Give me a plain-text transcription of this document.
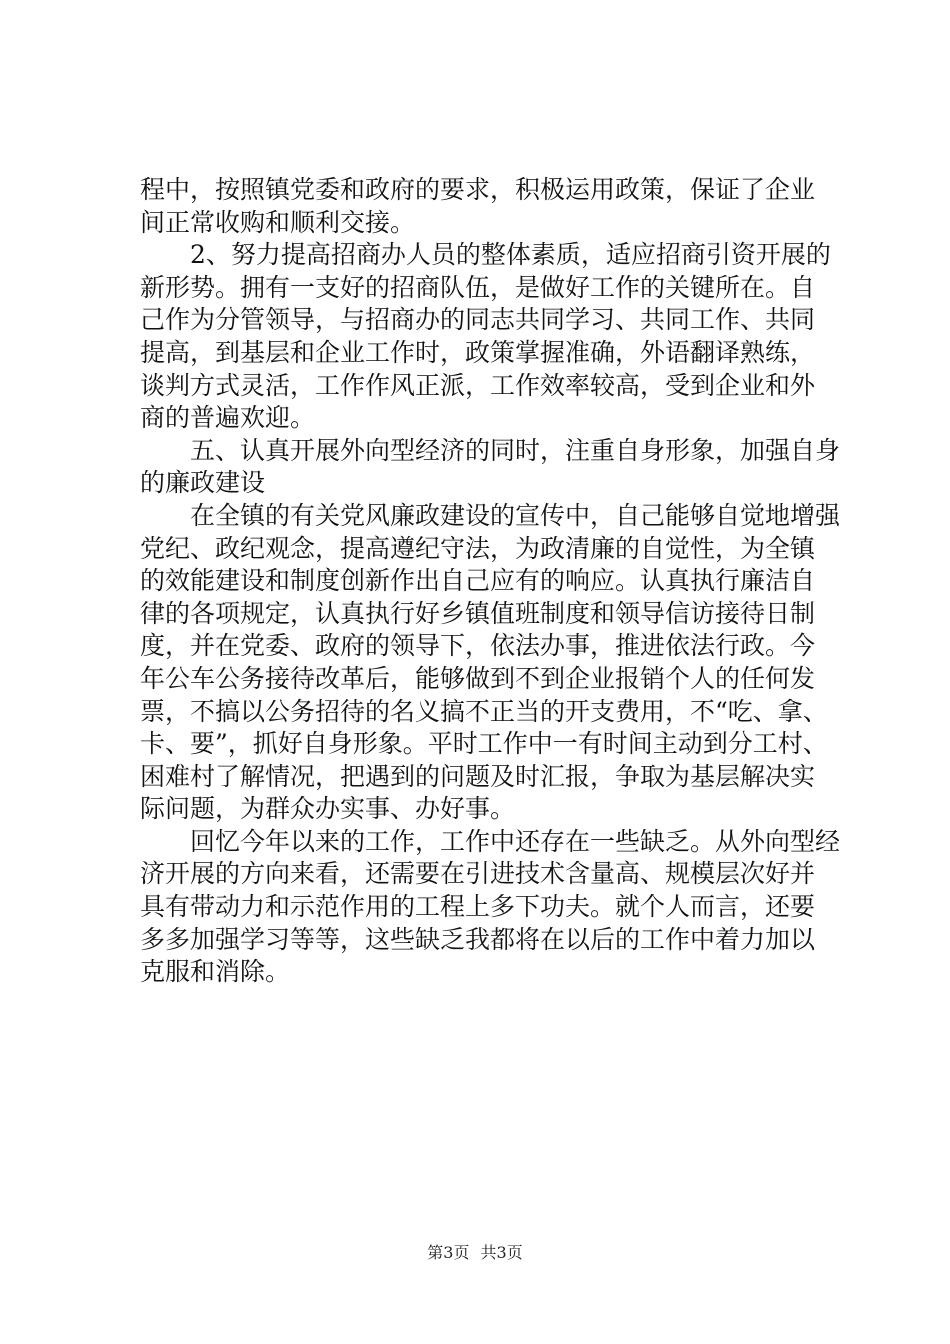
程中，按照镇党委和政府的要求，积极运用政策，保证了企业
间正常收购和顺利交接。
2、努力提高招商办人员的整体素质，适应招商引资开展的
新形势。拥有一支好的招商队伍，是做好工作的关键所在。自
己作为分管领导，与招商办的同志共同学习、共同工作、共同
提高，到基层和企业工作时，政策掌握准确，外语翻译熟练，
谈判方式灵活，工作作风正派，工作效率较高，受到企业和外
商的普遍欢迎。
五、认真开展外向型经济的同时，注重自身形象，加强自身
的廉政建设
在全镇的有关党风廉政建设的宣传中，自己能够自觉地增强
党纪、政纪观念，提高遵纪守法，为政清廉的自觉性，为全镇
的效能建设和制度创新作出自己应有的响应。认真执行廉洁自
律的各项规定，认真执行好乡镇值班制度和领导信访接待日制
度，并在党委、政府的领导下，依法办事，推进依法行政。今
年公车公务接待改革后，能够做到不到企业报销个人的任何发
票，不搞以公务招待的名义搞不正当的开支费用，不“吃、拿、
卡、要”，抓好自身形象。平时工作中一有时间主动到分工村、
困难村了解情况，把遇到的问题及时汇报，争取为基层解决实
际问题，为群众办实事、办好事。
回忆今年以来的工作，工作中还存在一些缺乏。从外向型经
济开展的方向来看，还需要在引进技术含量高、规模层次好并
具有带动力和示范作用的工程上多下功夫。就个人而言，还要
多多加强学习等等，这些缺乏我都将在以后的工作中着力加以
克服和消除。
第3页 共3页
